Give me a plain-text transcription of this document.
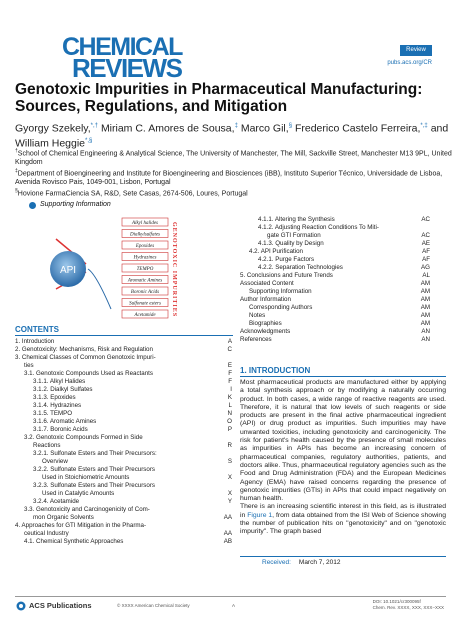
CHEMICAL
REVIEWS
Review
pubs.acs.org/CR
Genotoxic Impurities in Pharmaceutical Manufacturing: Sources, Regulations, and Mitigation
Gyorgy Szekely,*,† Miriam C. Amores de Sousa,‡ Marco Gil,§ Frederico Castelo Ferreira,*,‡ and William Heggie*,§
†School of Chemical Engineering & Analytical Science, The University of Manchester, The Mill, Sackville Street, Manchester M13 9PL, United Kingdom
‡Department of Bioengineering and Institute for Bioengineering and Biosciences (iBB), Instituto Superior Técnico, Universidade de Lisboa, Avenida Rovisco Pais, 1049-001, Lisbon, Portugal
§Hovione FarmaCiencia SA, R&D, Sete Casas, 2674-506, Loures, Portugal
Supporting Information
API
Alkyl halides
Dialkylsulfates
Epoxides
Hydrazines
TEMPO
Aromatic Amines
Boronic Acids
Sulfonate esters
Acetamide	GENOTOXIC IMPURITIES
CONTENTS
1. Introduction	A
2. Genotoxicity: Mechanisms, Risk and Regulation	C
3. Chemical Classes of Common Genotoxic Impuri-
ties	E
3.1. Genotoxic Compounds Used as Reactants	F
3.1.1. Alkyl Halides	F
3.1.2. Dialkyl Sulfates	I
3.1.3. Epoxides	K
3.1.4. Hydrazines	L
3.1.5. TEMPO	N
3.1.6. Aromatic Amines	O
3.1.7. Boronic Acids	P
3.2. Genotoxic Compounds Formed in Side
Reactions	R
3.2.1. Sulfonate Esters and Their Precursors:
Overview	S
3.2.2. Sulfonate Esters and Their Precursors
Used in Stoichiometric Amounts	X
3.2.3. Sulfonate Esters and Their Precursors
Used in Catalytic Amounts	X
3.2.4. Acetamide	Y
3.3. Genotoxicity and Carcinogenicity of Com-
mon Organic Solvents	AA
4. Approaches for GTI Mitigation in the Pharma-
ceutical Industry	AA
4.1. Chemical Synthetic Approaches	AB
4.1.1. Altering the Synthesis	AC
4.1.2. Adjusting Reaction Conditions To Miti-
gate GTI Formation	AC
4.1.3. Quality by Design	AE
4.2. API Purification	AF
4.2.1. Purge Factors	AF
4.2.2. Separation Technologies	AG
5. Conclusions and Future Trends	AL
Associated Content	AM
Supporting Information	AM
Author Information	AM
Corresponding Authors	AM
Notes	AM
Biographies	AM
Acknowledgments	AN
References	AN
1. INTRODUCTION
Most pharmaceutical products are manufactured either by applying a total synthesis approach or by modifying a naturally occurring product. In both cases, a wide range of reactive reagents are used. Therefore, it is natural that low levels of such reagents or side products are present in the final active pharmaceutical ingredient (API) or drug product as impurities. Such impurities may have unwanted toxicities, including genotoxicity and carcinogenicity. The risk for patient's health caused by the presence of small molecules as impurities in APIs has become an increasing concern of pharmaceutical companies, regulatory authorities, patients, and doctors alike. Thus, pharmaceutical regulatory agencies such as the Food and Drug Administration (FDA) and the European Medicines Agency (EMA) have raised concerns regarding the presence of genotoxic impurities (GTIs) in APIs that could impact negatively on human health.
There is an increasing scientific interest in this field, as is illustrated in Figure 1, from data obtained from the ISI Web of Science showing the number of publication hits on "genotoxicity" and on "genotoxic impurity". The graph based
Received: March 7, 2012
ACS Publications	© XXXX American Chemical Society	A
DOI: 10.1021/cr300095f
Chem. Rev. XXXX, XXX, XXX−XXX
